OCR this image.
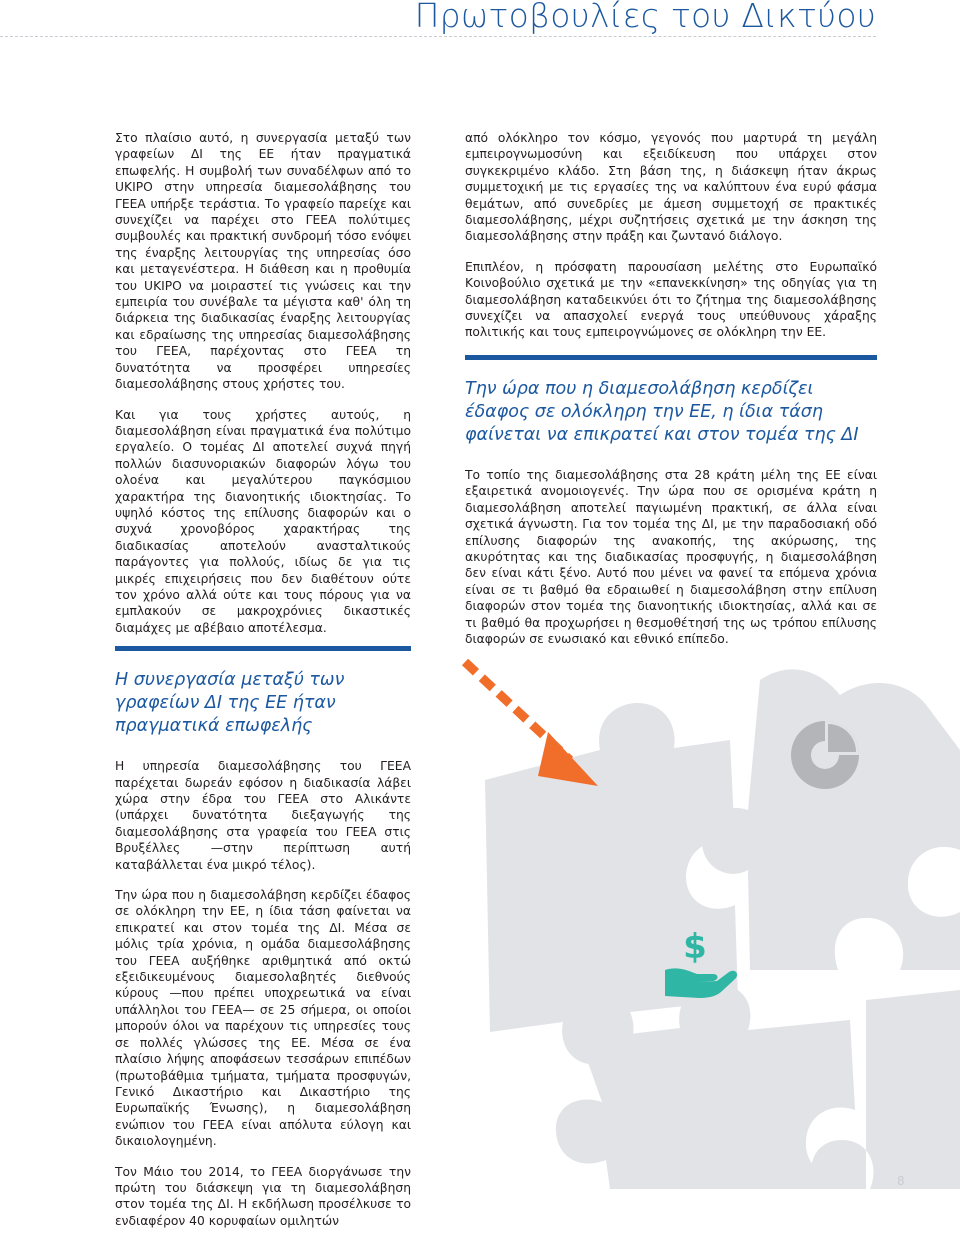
Πρωτοβουλίες του Δικτύου

Στο πλαίσιο αυτό, η συνεργασία μεταξύ των γραφείων ΔΙ της ΕΕ ήταν πραγματικά επωφελής. Η συμβολή των συναδέλφων από το UKIPO στην υπηρεσία διαμεσολάβησης του ΓΕΕΑ υπήρξε τεράστια. Το γραφείο παρείχε και συνεχίζει να παρέχει στο ΓΕΕΑ πολύτιμες συμβουλές και πρακτική συνδρομή τόσο ενόψει της έναρξης λειτουργίας της υπηρεσίας όσο και μεταγενέστερα. Η διάθεση και η προθυμία του UKIPO να μοιραστεί τις γνώσεις και την εμπειρία του συνέβαλε τα μέγιστα καθ' όλη τη διάρκεια της διαδικασίας έναρξης λειτουργίας και εδραίωσης της υπηρεσίας διαμεσολάβησης του ΓΕΕΑ, παρέχοντας στο ΓΕΕΑ τη δυνατότητα να προσφέρει υπηρεσίες διαμεσολάβησης στους χρήστες του.

Και για τους χρήστες αυτούς, η διαμεσολάβηση είναι πραγματικά ένα πολύτιμο εργαλείο. Ο τομέας ΔΙ αποτελεί συχνά πηγή πολλών διασυνοριακών διαφορών λόγω του ολοένα και μεγαλύτερου παγκόσμιου χαρακτήρα της διανοητικής ιδιοκτησίας. Το υψηλό κόστος της επίλυσης διαφορών και ο συχνά χρονοβόρος χαρακτήρας της διαδικασίας αποτελούν ανασταλτικούς παράγοντες για πολλούς, ιδίως δε για τις μικρές επιχειρήσεις που δεν διαθέτουν ούτε τον χρόνο αλλά ούτε και τους πόρους για να εμπλακούν σε μακροχρόνιες δικαστικές διαμάχες με αβέβαιο αποτέλεσμα.

Η συνεργασία μεταξύ των γραφείων ΔΙ της ΕΕ ήταν πραγματικά επωφελής

Η υπηρεσία διαμεσολάβησης του ΓΕΕΑ παρέχεται δωρεάν εφόσον η διαδικασία λάβει χώρα στην έδρα του ΓΕΕΑ στο Αλικάντε (υπάρχει δυνατότητα διεξαγωγής της διαμεσολάβησης στα γραφεία του ΓΕΕΑ στις Βρυξέλλες —στην περίπτωση αυτή καταβάλλεται ένα μικρό τέλος).

Την ώρα που η διαμεσολάβηση κερδίζει έδαφος σε ολόκληρη την ΕΕ, η ίδια τάση φαίνεται να επικρατεί και στον τομέα της ΔΙ. Μέσα σε μόλις τρία χρόνια, η ομάδα διαμεσολάβησης του ΓΕΕΑ αυξήθηκε αριθμητικά από οκτώ εξειδικευμένους διαμεσολαβητές διεθνούς κύρους —που πρέπει υποχρεωτικά να είναι υπάλληλοι του ΓΕΕΑ— σε 25 σήμερα, οι οποίοι μπορούν όλοι να παρέχουν τις υπηρεσίες τους σε πολλές γλώσσες της ΕΕ. Μέσα σε ένα πλαίσιο λήψης αποφάσεων τεσσάρων επιπέδων (πρωτοβάθμια τμήματα, τμήματα προσφυγών, Γενικό Δικαστήριο και Δικαστήριο της Ευρωπαϊκής Ένωσης), η διαμεσολάβηση ενώπιον του ΓΕΕΑ είναι απόλυτα εύλογη και δικαιολογημένη.

Τον Μάιο του 2014, το ΓΕΕΑ διοργάνωσε την πρώτη του διάσκεψη για τη διαμεσολάβηση στον τομέα της ΔΙ. Η εκδήλωση προσέλκυσε το ενδιαφέρον 40 κορυφαίων ομιλητών

από ολόκληρο τον κόσμο, γεγονός που μαρτυρά τη μεγάλη εμπειρογνωμοσύνη και εξειδίκευση που υπάρχει στον συγκεκριμένο κλάδο. Στη βάση της, η διάσκεψη ήταν άκρως συμμετοχική με τις εργασίες της να καλύπτουν ένα ευρύ φάσμα θεμάτων, από συνεδρίες με άμεση συμμετοχή σε πρακτικές διαμεσολάβησης, μέχρι συζητήσεις σχετικά με την άσκηση της διαμεσολάβησης στην πράξη και ζωντανό διάλογο.

Επιπλέον, η πρόσφατη παρουσίαση μελέτης στο Ευρωπαϊκό Κοινοβούλιο σχετικά με την «επανεκκίνηση» της οδηγίας για τη διαμεσολάβηση καταδεικνύει ότι το ζήτημα της διαμεσολάβησης συνεχίζει να απασχολεί ενεργά τους υπεύθυνους χάραξης πολιτικής και τους εμπειρογνώμονες σε ολόκληρη την ΕΕ.

Την ώρα που η διαμεσολάβηση κερδίζει έδαφος σε ολόκληρη την ΕΕ, η ίδια τάση φαίνεται να επικρατεί και στον τομέα της ΔΙ

Το τοπίο της διαμεσολάβησης στα 28 κράτη μέλη της ΕΕ είναι εξαιρετικά ανομοιογενές. Την ώρα που σε ορισμένα κράτη η διαμεσολάβηση αποτελεί παγιωμένη πρακτική, σε άλλα είναι σχετικά άγνωστη. Για τον τομέα της ΔΙ, με την παραδοσιακή οδό επίλυσης διαφορών της ανακοπής, της ακύρωσης, της ακυρότητας και της διαδικασίας προσφυγής, η διαμεσολάβηση δεν είναι κάτι ξένο. Αυτό που μένει να φανεί τα επόμενα χρόνια είναι σε τι βαθμό θα εδραιωθεί η διαμεσολάβηση στην επίλυση διαφορών στον τομέα της διανοητικής ιδιοκτησίας, αλλά και σε τι βαθμό θα προχωρήσει η θεσμοθέτησή της ως τρόπου επίλυσης διαφορών σε ενωσιακό και εθνικό επίπεδο.

$
8
